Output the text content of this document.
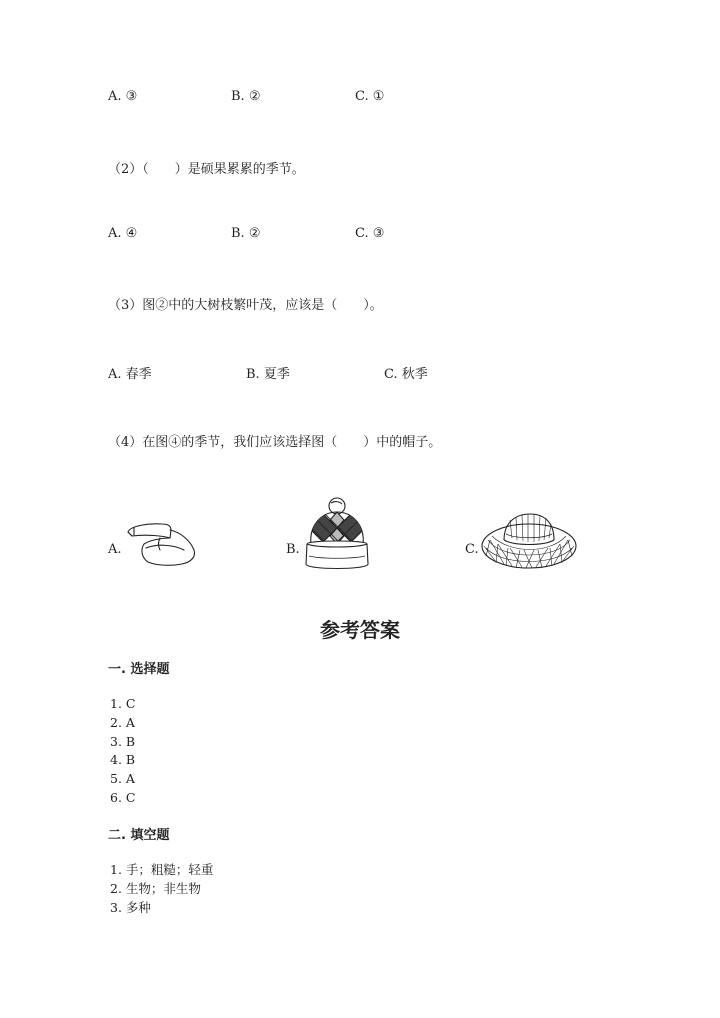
A. ③	B. ②	C. ①
（2）（　　）是硕果累累的季节。
A. ④	B. ②	C. ③
（3）图②中的大树枝繁叶茂，应该是（　　）。
A. 春季	B. 夏季	C. 秋季
（4）在图④的季节，我们应该选择图（　　）中的帽子。
A.	B.	C.
参考答案
一. 选择题
1. C
2. A
3. B
4. B
5. A
6. C
二. 填空题
1. 手；粗糙；轻重
2. 生物；非生物
3. 多种
